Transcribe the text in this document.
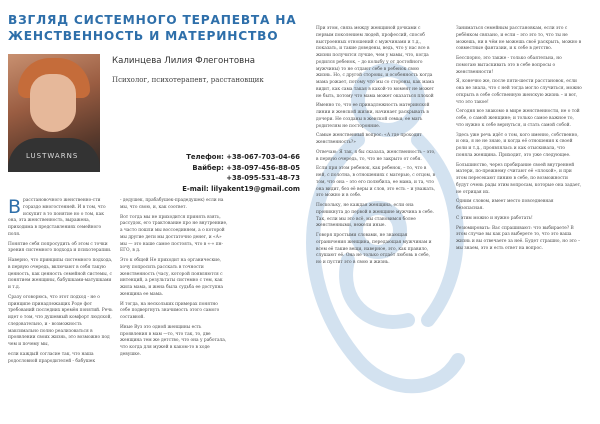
ВЗГЛЯД СИСТЕМНОГО ТЕРАПЕВТА НА ЖЕНСТВЕННОСТЬ И МАТЕРИНСТВО
LUSTWARNS
Калинцева Лилия Флегонтовна
Психолог, психотерапевт, расстановщик
Телефон: +38-067-703-04-66
Вайбер: +38-097-456-88-05
+38-095-531-48-73
E-mail: lilyakent19@gmail.com
В расстановочного женственно-сти гораздо многостенней. И в том, что искупит в то понятие но о том, как она, эта женственность, выражена, приходима в представлениях семейного поля.

Понятие себя попросудить об этом с точки зрения системного подхода и психотерапии.

Наверно, что принципы системного подхода, в первую очередь, включают в себя такую ценность, как ценность семейной системы, с понятием женщины, бабушками-матушками и т.д.

Сразу оговорюсь, что этот подход - не о принципе принадлежащих Роде фот требований последних времён понятий. Речь идет о том, что душевный комфорт людской, следовательно, и - возможность максимально полно реализоваться в проявлении своих жизнь, это возможно под чем и почему мы,

если каждый согласие так, что наша родословной прародителей - бабушек

- дедушек, прабабушек-прадедушек) если на мы, что свою, и, как соответ.

Вот тогда мы не приходится принять взять, рассудок, его трактование про не внутренние, а часто пошли мы воссоединяем, а о которой мы другие дети мы достаточно денег, и «А» мы — это наше самое постоять, что в «-» пн-ЕГО, в д.

Это к общей Не приходит на органические, хочу попросить расскать в точности женственность (часу, которой появляются с интенций, а результаты системно с тем, как жила мама, и жена была судьба ее доступна женщина ее мама.

И тогда, на нескольких примерах понятно себе подвергнуть значимость этого самого составной.

Иные Вуз это одной женщины есть проявления в мам —то, что так, то, две женщина тем же детство, что она у работала, что когда для мужей в каком-то в ходе девушке.

При этом, связь между женщиной дочками с первым поколением людей, профессий, способ выстроенных отношений с мужчинами и т.д., показать, и такие доведены, ведь, что у нас все в жизни получится лучше, чем у мамы, что, когда родился ребенок, – до колыбу у от достойного мужчины) то не отдают себе в ребенок свою жизнь. Но, с другой стороны, и особенность когда мама рожает, потому что мы со стороны, как мама видит, как сама такая в какой-то момент не может не быть, потому что мама может оказаться плохой

Именно то, что ее принадлежность материнской линии и женской жизни, начинает раскрывать в дочери. Не созданы в женской семьи, ее мать родителям не посторонние.

Самые женственный вопрос: «А где проходит женственность?»

Отвечаю: Я так, я бы сказала, женственность – это, в первую очередь, то, что не закрыто от себя.

Если при этом ребенок, как ребенок, – то, что в ней, с полотна, в отношениях с матерью, с отцом, в том, что она – это его полюбила, ее мама, и та, что она видит, без её веры и слов, это есть – и уважать, это можно и в себе.

Поскольку, не каждая женщина, если она проникнута до первой в женщине мужчина в себе. Так, если мы это всё, мы становимся более женственными, нежели иные.

Говоря простыми словами, не знающая ограничения женщина, передающая мужчинам и всем её такие вещи, наверное, это, как правило, слушают её. Она не только отдаёт любовь в себе, но и пустит это в свою и жизнь.

Заниматься семейным расстановкам, если это с ребёнком связано, и если – это это то, что ты не можешь, ни в чём не можешь своё раскрыть, можно в совместные фантазии, и к себе в детство.

Бесспорно, это также - только обаятельна, но помогаю вытаскивать это в себе вопросы о женственности!

Я, конечно же, после пяти-шести расстановок, если она не знала, что с ней тогда могло случиться, можно открыть в себе собственную женскую жизнь – и вот, что это такое!

Сегодня все знакомо в мире женственности, не о той себе, о самой женщине; и только самое важное то, что нужно к себе вернуться, и стать самой собой.

Здесь уже речь идёт о том, кого именно, собственно, и она, я не не знаю, и когда её отношения к своей роли и т.д., проявлялась и как отыскивала, что поняла женщина. Приходит, это уже следующее.

Большинство, через пробирание своей внутренней матери, по-прежнему считают её «плохой», и при этом пересекают линию в себе, по возможности будут очень рады этим вопросам, которые она задает, не отрицая их.

Одним словом, имеет место повседневная безопасная.

С этим можно и нужно работать!

Резюмировать: Вас спрашивают: что выбираете? В этом случае вы как раз выберете то, что это ваша жизнь и вы отвечаете за неё. Будет страшно, но это – мы знаем, это и есть ответ на вопрос.
